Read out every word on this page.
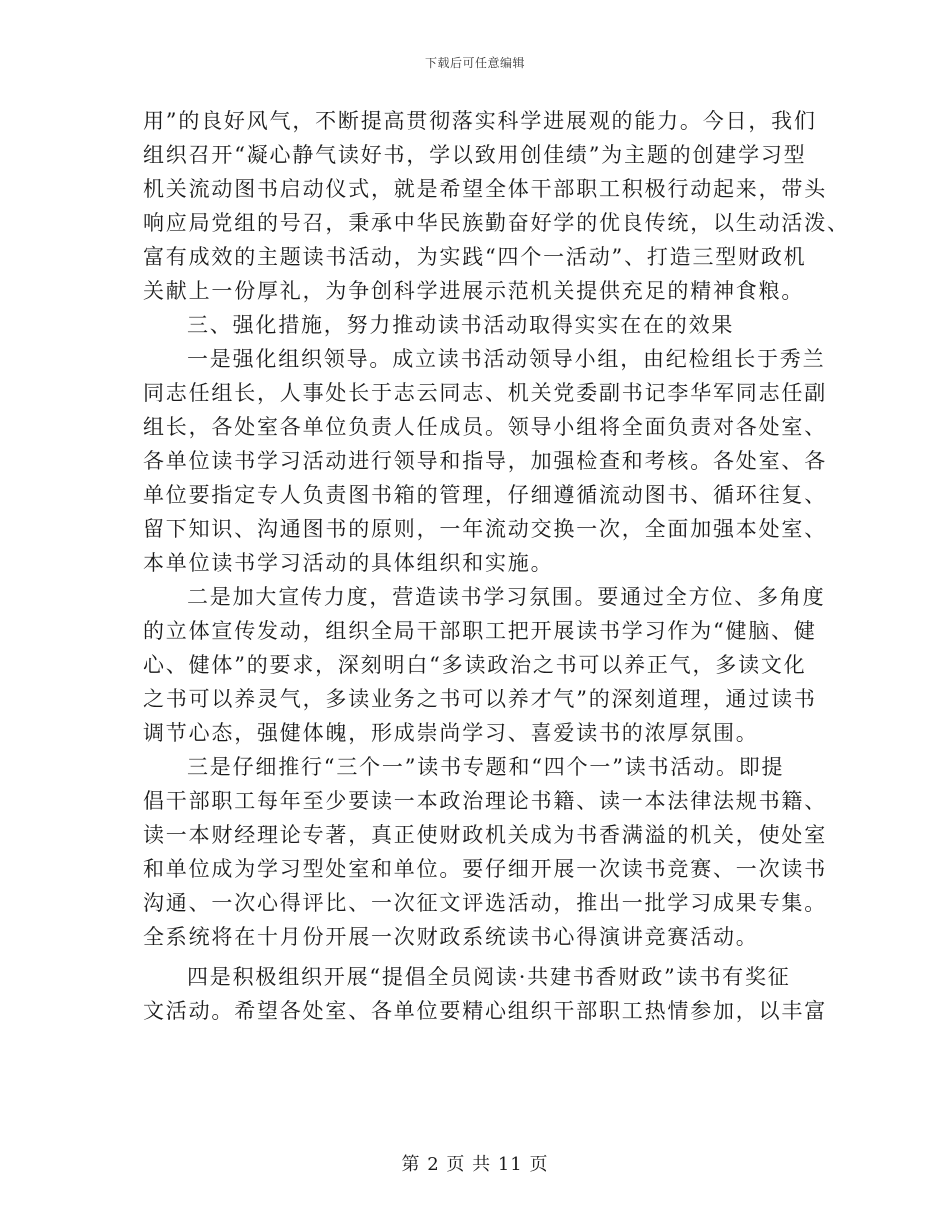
下载后可任意编辑
用”的良好风气，不断提高贯彻落实科学进展观的能力。今日，我们
组织召开“凝心静气读好书，学以致用创佳绩”为主题的创建学习型
机关流动图书启动仪式，就是希望全体干部职工积极行动起来，带头
响应局党组的号召，秉承中华民族勤奋好学的优良传统，以生动活泼、
富有成效的主题读书活动，为实践“四个一活动”、打造三型财政机
关献上一份厚礼，为争创科学进展示范机关提供充足的精神食粮。
三、强化措施，努力推动读书活动取得实实在在的效果
一是强化组织领导。成立读书活动领导小组，由纪检组长于秀兰
同志任组长，人事处长于志云同志、机关党委副书记李华军同志任副
组长，各处室各单位负责人任成员。领导小组将全面负责对各处室、
各单位读书学习活动进行领导和指导，加强检查和考核。各处室、各
单位要指定专人负责图书箱的管理，仔细遵循流动图书、循环往复、
留下知识、沟通图书的原则，一年流动交换一次，全面加强本处室、
本单位读书学习活动的具体组织和实施。
二是加大宣传力度，营造读书学习氛围。要通过全方位、多角度
的立体宣传发动，组织全局干部职工把开展读书学习作为“健脑、健
心、健体”的要求，深刻明白“多读政治之书可以养正气，多读文化
之书可以养灵气，多读业务之书可以养才气”的深刻道理，通过读书
调节心态，强健体魄，形成崇尚学习、喜爱读书的浓厚氛围。
三是仔细推行“三个一”读书专题和“四个一”读书活动。即提
倡干部职工每年至少要读一本政治理论书籍、读一本法律法规书籍、
读一本财经理论专著，真正使财政机关成为书香满溢的机关，使处室
和单位成为学习型处室和单位。要仔细开展一次读书竞赛、一次读书
沟通、一次心得评比、一次征文评选活动，推出一批学习成果专集。
全系统将在十月份开展一次财政系统读书心得演讲竞赛活动。
四是积极组织开展“提倡全员阅读·共建书香财政”读书有奖征
文活动。希望各处室、各单位要精心组织干部职工热情参加，以丰富
第 2 页 共 11 页
